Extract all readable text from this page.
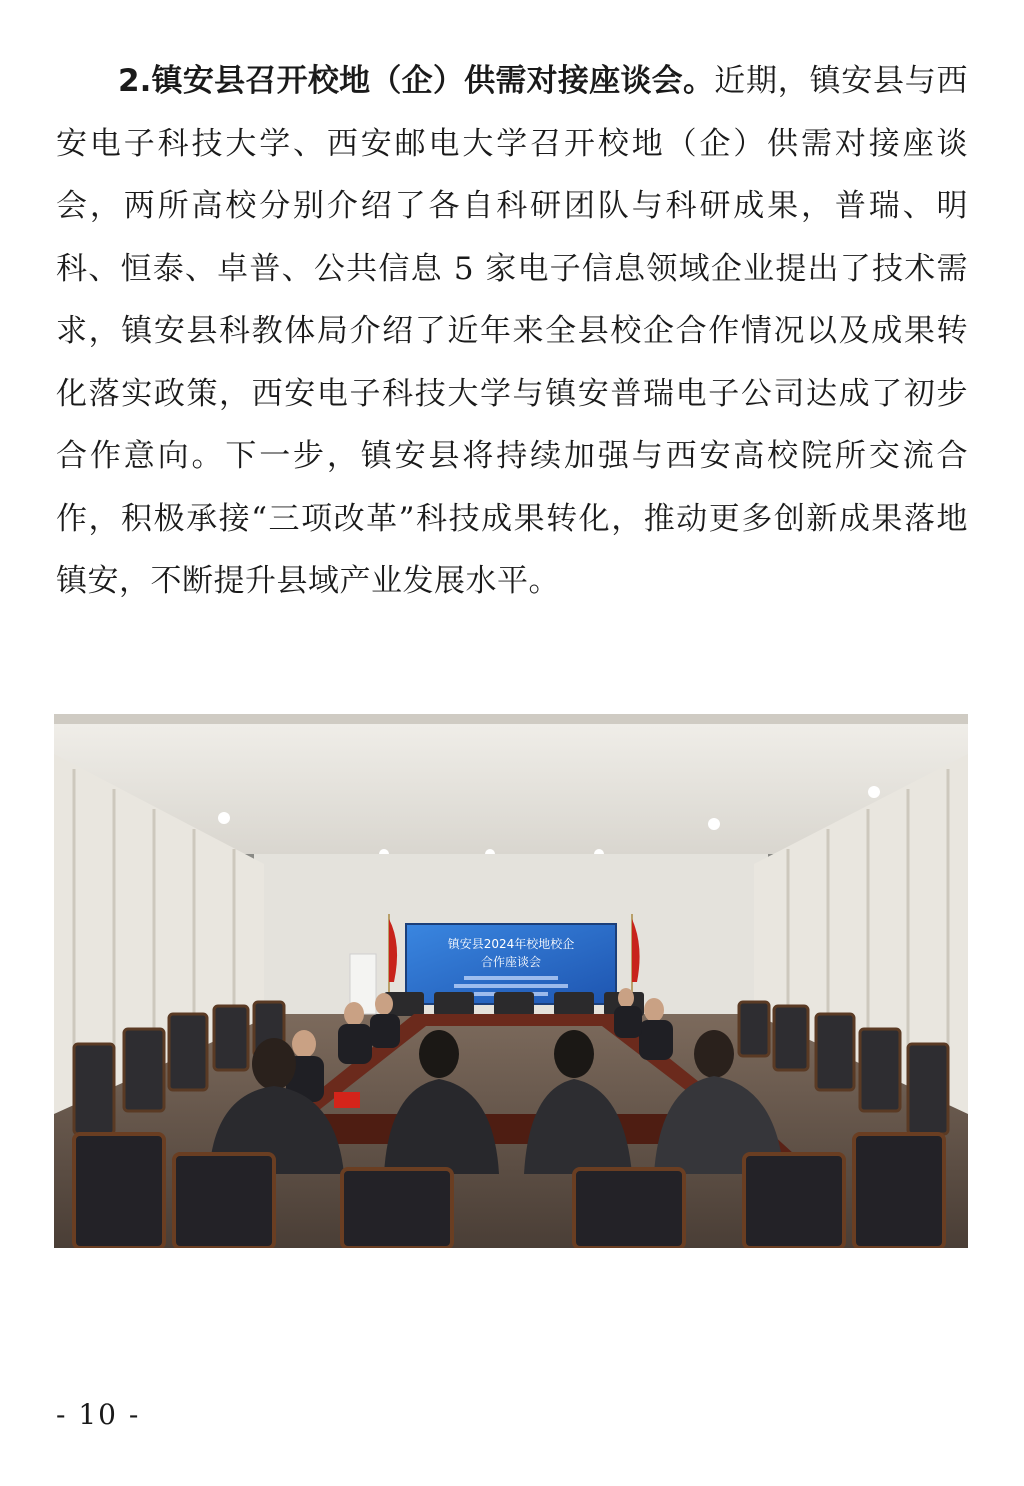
2.镇安县召开校地（企）供需对接座谈会。近期，镇安县与西安电子科技大学、西安邮电大学召开校地（企）供需对接座谈会，两所高校分别介绍了各自科研团队与科研成果，普瑞、明科、恒泰、卓普、公共信息 5 家电子信息领域企业提出了技术需求，镇安县科教体局介绍了近年来全县校企合作情况以及成果转化落实政策，西安电子科技大学与镇安普瑞电子公司达成了初步合作意向。下一步，镇安县将持续加强与西安高校院所交流合作，积极承接“三项改革”科技成果转化，推动更多创新成果落地镇安，不断提升县域产业发展水平。

镇安县2024年校地校企
合作座谈会
- 10 -
